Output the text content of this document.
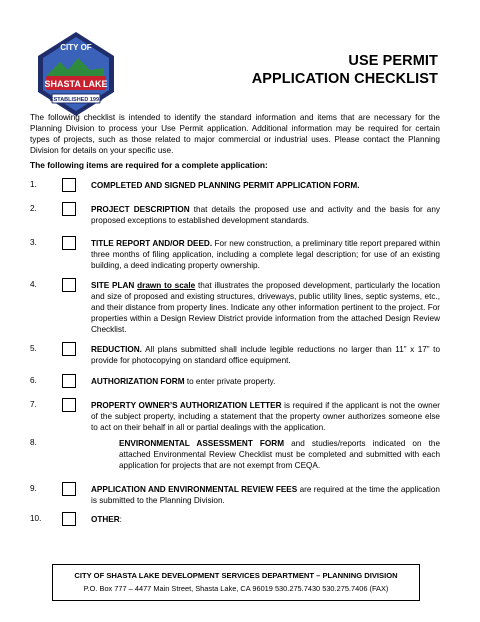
CITY OF
SHASTA LAKE
ESTABLISHED 1993
USE PERMIT
APPLICATION CHECKLIST
The following checklist is intended to identify the standard information and items that are necessary for the Planning Division to process your Use Permit application. Additional information may be required for certain types of projects, such as those related to major commercial or industrial uses. Please contact the Planning Division for details on your specific use.
The following items are required for a complete application:
1.	COMPLETED AND SIGNED PLANNING PERMIT APPLICATION FORM.
2.	PROJECT DESCRIPTION that details the proposed use and activity and the basis for any proposed exceptions to established development standards.
3.	TITLE REPORT AND/OR DEED. For new construction, a preliminary title report prepared within three months of filing application, including a complete legal description; for use of an existing building, a deed indicating property ownership.
4.	SITE PLAN drawn to scale that illustrates the proposed development, particularly the location and size of proposed and existing structures, driveways, public utility lines, septic systems, etc., and their distance from property lines. Indicate any other information pertinent to the project. For properties within a Design Review District provide information from the attached Design Review Checklist.
5.	REDUCTION. All plans submitted shall include legible reductions no larger than 11” x 17” to provide for photocopying on standard office equipment.
6.	AUTHORIZATION FORM to enter private property.
7.	PROPERTY OWNER’S AUTHORIZATION LETTER is required if the applicant is not the owner of the subject property, including a statement that the property owner authorizes someone else to act on their behalf in all or partial dealings with the application.
8.	ENVIRONMENTAL ASSESSMENT FORM and studies/reports indicated on the attached Environmental Review Checklist must be completed and submitted with each application for projects that are not exempt from CEQA.
9.	APPLICATION AND ENVIRONMENTAL REVIEW FEES are required at the time the application is submitted to the Planning Division.
10.	OTHER:
CITY OF SHASTA LAKE DEVELOPMENT SERVICES DEPARTMENT – PLANNING DIVISION
P.O. Box 777 – 4477 Main Street, Shasta Lake, CA 96019 530.275.7430 530.275.7406 (FAX)
